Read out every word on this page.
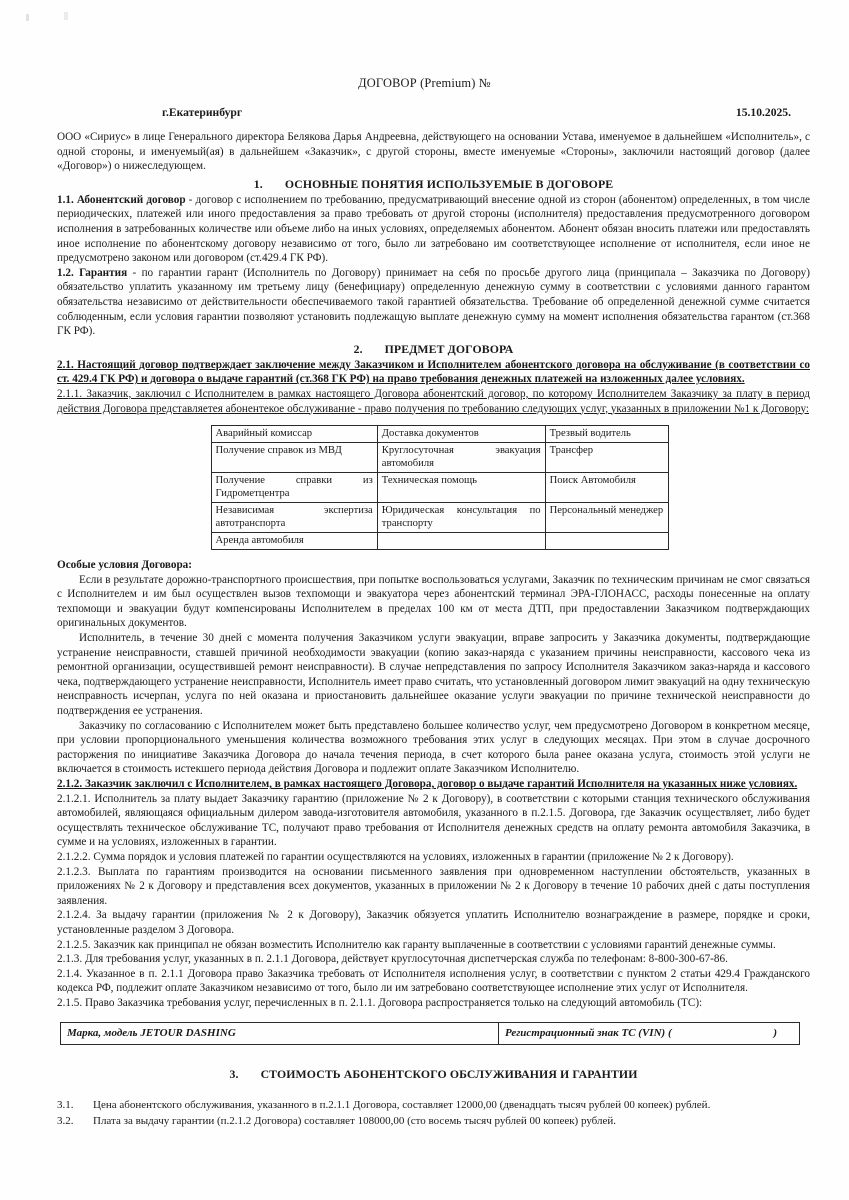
ДОГОВОР (Premium) №
г.Екатеринбург	15.10.2025.

ООО «Сириус» в лице Генерального директора Белякова Дарья Андреевна, действующего на основании Устава, именуемое в дальнейшем «Исполнитель», с одной стороны, и именуемый(ая) в дальнейшем «Заказчик», с другой стороны, вместе именуемые «Стороны», заключили настоящий договор (далее «Договор») о нижеследующем.

1. ОСНОВНЫЕ ПОНЯТИЯ ИСПОЛЬЗУЕМЫЕ В ДОГОВОРЕ

1.1. Абонентский договор - договор с исполнением по требованию, предусматривающий внесение одной из сторон (абонентом) определенных, в том числе периодических, платежей или иного предоставления за право требовать от другой стороны (исполнителя) предоставления предусмотренного договором исполнения в затребованных количестве или объеме либо на иных условиях, определяемых абонентом. Абонент обязан вносить платежи или предоставлять иное исполнение по абонентскому договору независимо от того, было ли затребовано им соответствующее исполнение от исполнителя, если иное не предусмотрено законом или договором (ст.429.4 ГК РФ).

1.2. Гарантия - по гарантии гарант (Исполнитель по Договору) принимает на себя по просьбе другого лица (принципала – Заказчика по Договору) обязательство уплатить указанному им третьему лицу (бенефициару) определенную денежную сумму в соответствии с условиями данного гарантом обязательства независимо от действительности обеспечиваемого такой гарантией обязательства. Требование об определенной денежной сумме считается соблюденным, если условия гарантии позволяют установить подлежащую выплате денежную сумму на момент исполнения обязательства гарантом (ст.368 ГК РФ).

2. ПРЕДМЕТ ДОГОВОРА

2.1. Настоящий договор подтверждает заключение между Заказчиком и Исполнителем абонентского договора на обслуживание (в соответствии со ст. 429.4 ГК РФ) и договора о выдаче гарантий (ст.368 ГК РФ) на право требования денежных платежей на изложенных далее условиях.

2.1.1. Заказчик, заключил с Исполнителем в рамках настоящего Договора абонентский договор, по которому Исполнителем Заказчику за плату в период действия Договора представляетея абонентекое обслуживание - право получения по требованию следующих услуг, указанных в приложении №1 к Договору:

Аварийный комиссар	Доставка документов	Трезвый водитель
Получение справок из МВД	Круглосуточная эвакуация автомобиля	Трансфер
Получение справки из Гидрометцентра	Техническая помощь	Поиск Автомобиля
Независимая экспертиза автотранспорта	Юридическая консультация по транспорту	Персональный менеджер
Аренда автомобиля		

Особые условия Договора:

Если в результате дорожно-транспортного происшествия, при попытке воспользоваться услугами, Заказчик по техническим причинам не смог связаться с Исполнителем и им был осуществлен вызов техпомощи и эвакуатора через абонентский терминал ЭРА-ГЛОНАСС, расходы понесенные на оплату техпомощи и эвакуации будут компенсированы Исполнителем в пределах 100 км от места ДТП, при предоставлении Заказчиком подтверждающих оригинальных документов.

Исполнитель, в течение 30 дней с момента получения Заказчиком услуги эвакуации, вправе запросить у Заказчика документы, подтверждающие устранение неисправности, ставшей причиной необходимости эвакуации (копию заказ-наряда с указанием причины неисправности, кассового чека из ремонтной организации, осуществившей ремонт неисправности). В случае непредставления по запросу Исполнителя Заказчиком заказ-наряда и кассового чека, подтверждающего устранение неисправности, Исполнитель имеет право считать, что установленный договором лимит эвакуаций на одну техническую неисправность исчерпан, услуга по ней оказана и приостановить дальнейшее оказание услуги эвакуации по причине технической неисправности до подтверждения ее устранения.

Заказчику по согласованию с Исполнителем может быть представлено большее количество услуг, чем предусмотрено Договором в конкретном месяце, при условии пропорционального уменьшения количества возможного требования этих услуг в следующих месяцах. При этом в случае досрочного расторжения по инициативе Заказчика Договора до начала течения периода, в счет которого была ранее оказана услуга, стоимость этой услуги не включается в стоимость истекшего периода действия Договора и подлежит оплате Заказчиком Исполнителю.

2.1.2. Заказчик заключил с Исполнителем, в рамках настоящего Договора, договор о выдаче гарантий Исполнителя на указанных ниже условиях.

2.1.2.1. Исполнитель за плату выдает Заказчику гарантию (приложение № 2 к Договору), в соответствии с которыми станция технического обслуживания автомобилей, являющаяся официальным дилером завода-изготовителя автомобиля, указанного в п.2.1.5. Договора, где Заказчик осуществляет, либо будет осуществлять техническое обслуживание ТС, получают право требования от Исполнителя денежных средств на оплату ремонта автомобиля Заказчика, в сумме и на условиях, изложенных в гарантии.

2.1.2.2. Сумма порядок и условия платежей по гарантии осуществляются на условиях, изложенных в гарантии (приложение № 2 к Договору).

2.1.2.3. Выплата по гарантиям производится на основании письменного заявления при одновременном наступлении обстоятельств, указанных в приложениях № 2 к Договору и представления всех документов, указанных в приложении № 2 к Договору в течение 10 рабочих дней с даты поступления заявления.

2.1.2.4. За выдачу гарантии (приложения № 2 к Договору), Заказчик обязуется уплатить Исполнителю вознаграждение в размере, порядке и сроки, установленные разделом 3 Договора.

2.1.2.5. Заказчик как принципал не обязан возместить Исполнителю как гаранту выплаченные в соответствии с условиями гарантий денежные суммы.

2.1.3. Для требования услуг, указанных в п. 2.1.1 Договора, действует круглосуточная диспетчерская служба по телефонам: 8-800-300-67-86.

2.1.4. Указанное в п. 2.1.1 Договора право Заказчика требовать от Исполнителя исполнения услуг, в соответствии с пунктом 2 статьи 429.4 Гражданского кодекса РФ, подлежит оплате Заказчиком независимо от того, было ли им затребовано соответствующее исполнение этих услуг от Исполнителя.

2.1.5. Право Заказчика требования услуг, перечисленных в п. 2.1.1. Договора распространяется только на следующий автомобиль (ТС):

Марка, модель JETOUR DASHING	Регистрационный знак ТС (VIN) (	)
3. СТОИМОСТЬ АБОНЕНТСКОГО ОБСЛУЖИВАНИЯ И ГАРАНТИИ

3.1. Цена абонентского обслуживания, указанного в п.2.1.1 Договора, составляет 12000,00 (двенадцать тысяч рублей 00 копеек) рублей.

3.2. Плата за выдачу гарантии (п.2.1.2 Договора) составляет 108000,00 (сто восемь тысяч рублей 00 копеек) рублей.
